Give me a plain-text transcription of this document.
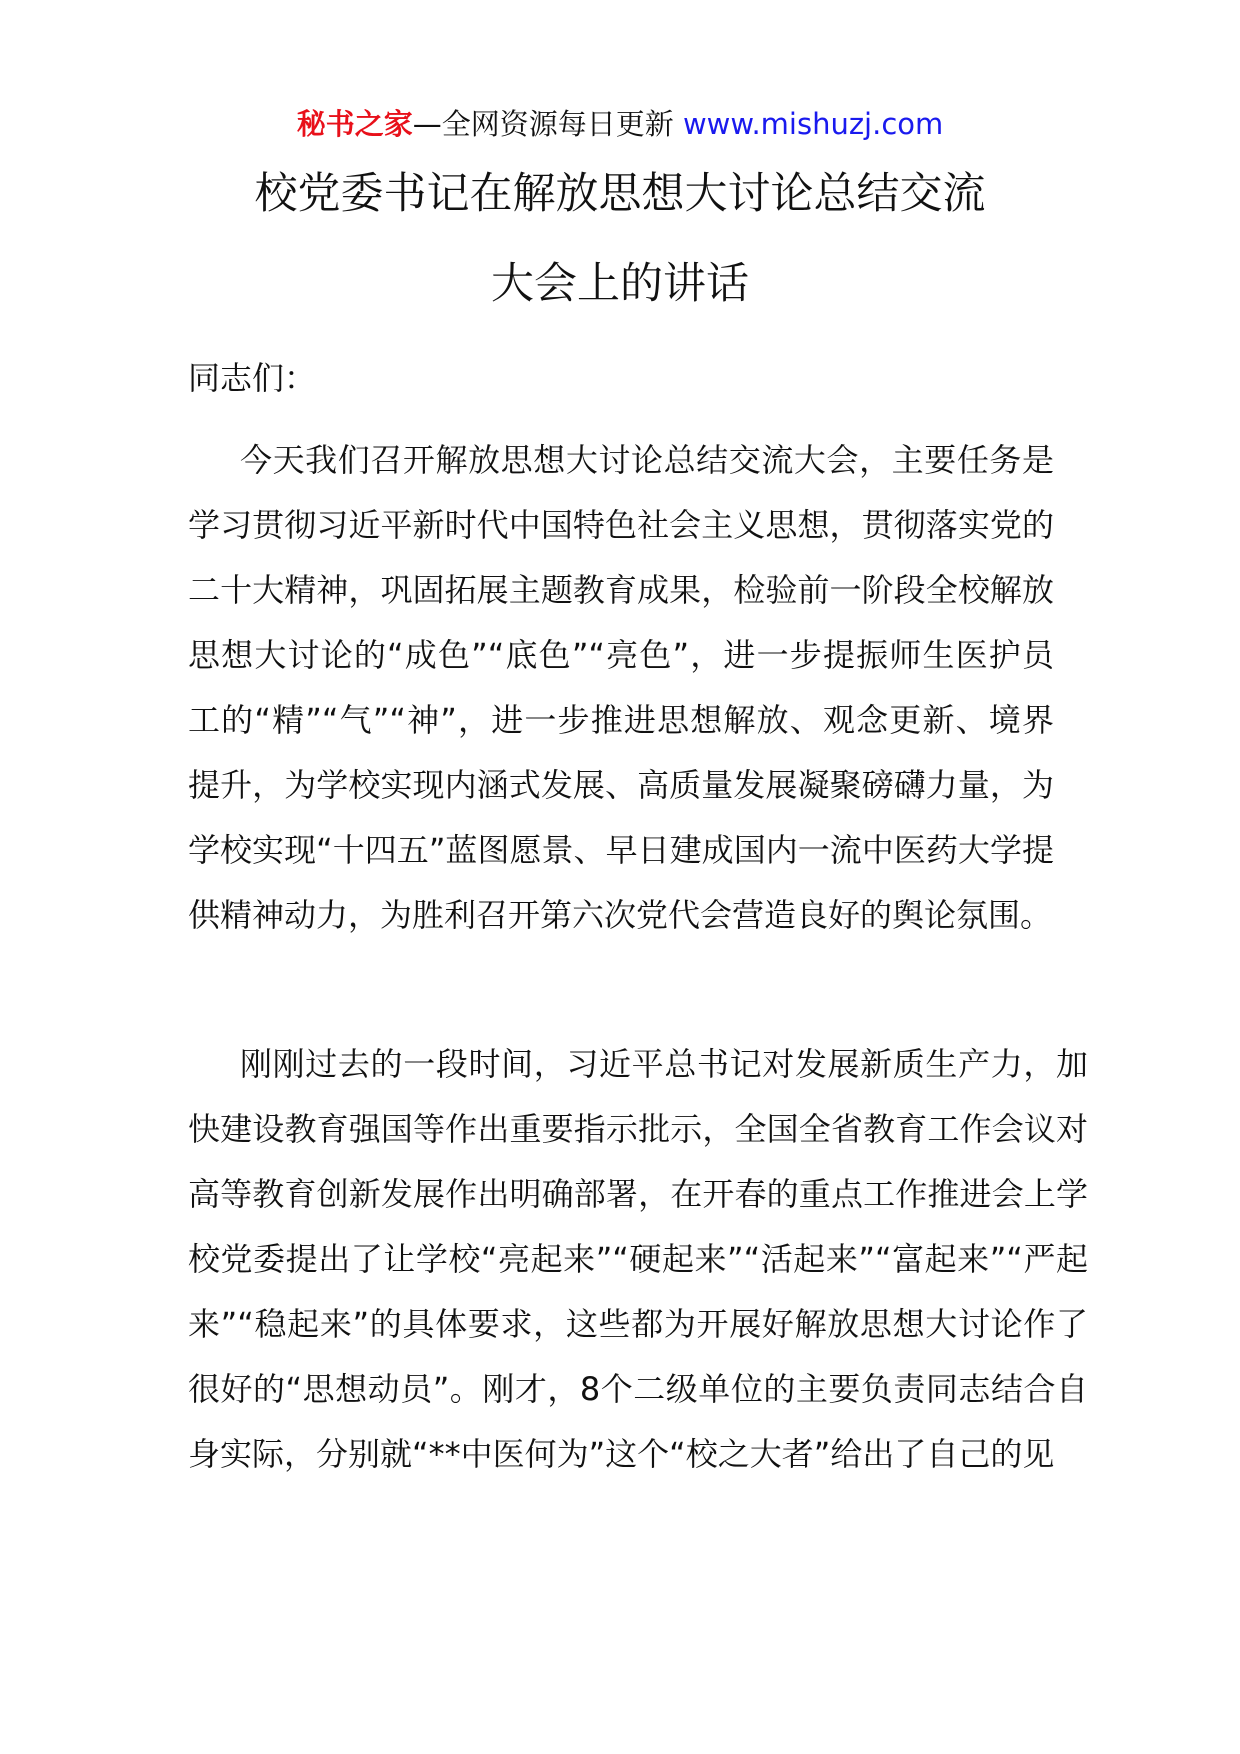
秘书之家—全网资源每日更新 www.mishuzj.com
校党委书记在解放思想大讨论总结交流
大会上的讲话
同志们：

今天我们召开解放思想大讨论总结交流大会，主要任务是学习贯彻习近平新时代中国特色社会主义思想，贯彻落实党的二十大精神，巩固拓展主题教育成果，检验前一阶段全校解放思想大讨论的“成色”“底色”“亮色”，进一步提振师生医护员工的“精”“气”“神”，进一步推进思想解放、观念更新、境界提升，为学校实现内涵式发展、高质量发展凝聚磅礴力量，为学校实现“十四五”蓝图愿景、早日建成国内一流中医药大学提供精神动力，为胜利召开第六次党代会营造良好的舆论氛围。

刚刚过去的一段时间，习近平总书记对发展新质生产力，加快建设教育强国等作出重要指示批示，全国全省教育工作会议对高等教育创新发展作出明确部署，在开春的重点工作推进会上学校党委提出了让学校“亮起来”“硬起来”“活起来”“富起来”“严起来”“稳起来”的具体要求，这些都为开展好解放思想大讨论作了很好的“思想动员”。刚才，8个二级单位的主要负责同志结合自身实际，分别就“**中医何为”这个“校之大者”给出了自己的见
